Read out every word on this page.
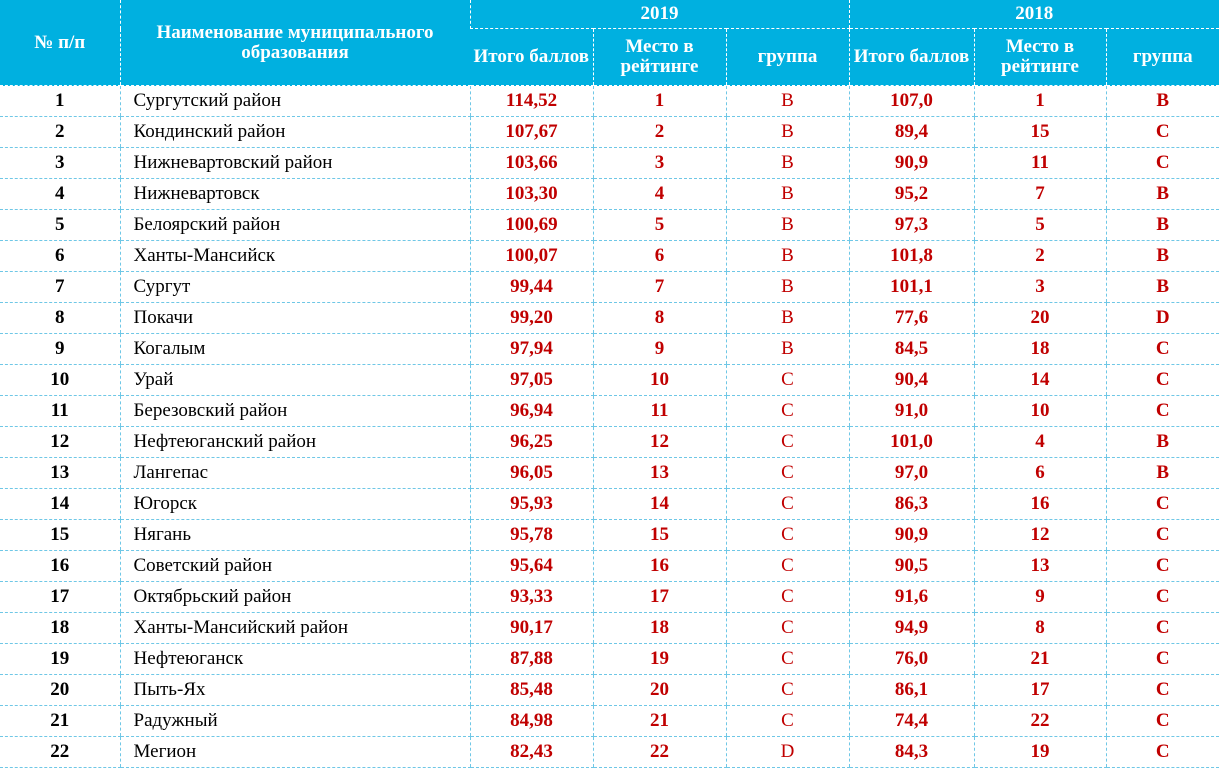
№ п/п	Наименование муниципального образования	2019			2018		
		Итого баллов	Место в рейтинге	группа	Итого баллов	Место в рейтинге	группа
1	Сургутский район	114,52	1	B	107,0	1	B
2	Кондинский район	107,67	2	B	89,4	15	C
3	Нижневартовский район	103,66	3	B	90,9	11	C
4	Нижневартовск	103,30	4	B	95,2	7	B
5	Белоярский район	100,69	5	B	97,3	5	B
6	Ханты-Мансийск	100,07	6	B	101,8	2	B
7	Сургут	99,44	7	B	101,1	3	B
8	Покачи	99,20	8	B	77,6	20	D
9	Когалым	97,94	9	B	84,5	18	C
10	Урай	97,05	10	C	90,4	14	C
11	Березовский район	96,94	11	C	91,0	10	C
12	Нефтеюганский район	96,25	12	C	101,0	4	B
13	Лангепас	96,05	13	C	97,0	6	B
14	Югорск	95,93	14	C	86,3	16	C
15	Нягань	95,78	15	C	90,9	12	C
16	Советский район	95,64	16	C	90,5	13	C
17	Октябрьский район	93,33	17	C	91,6	9	C
18	Ханты-Мансийский район	90,17	18	C	94,9	8	C
19	Нефтеюганск	87,88	19	C	76,0	21	C
20	Пыть-Ях	85,48	20	C	86,1	17	C
21	Радужный	84,98	21	C	74,4	22	C
22	Мегион	82,43	22	D	84,3	19	C
